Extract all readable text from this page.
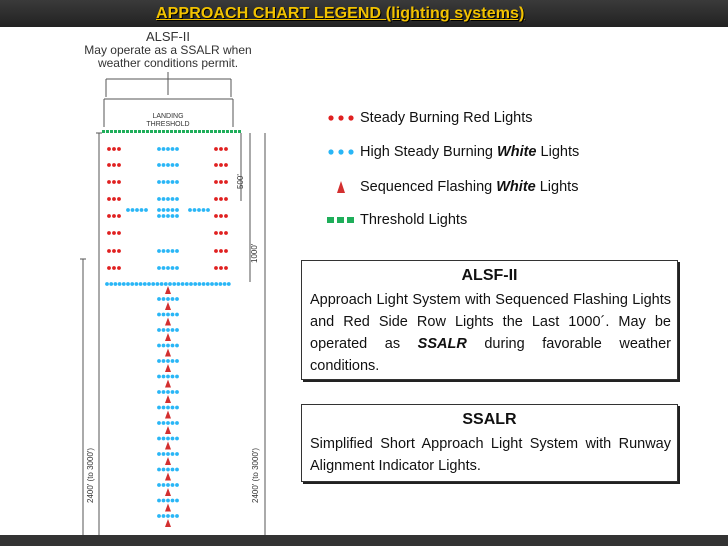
APPROACH CHART LEGEND (lighting systems)
ALSF-II
May operate as a SSALR when
weather conditions permit.
LANDING
THRESHOLD
500'
1000'
2400' (to 3000')	2400' (to 3000')
Steady Burning Red Lights
High Steady Burning White Lights
Sequenced Flashing White Lights
Threshold Lights
ALSF-II
Approach Light System with Sequenced Flashing Lights and Red Side Row Lights the Last 1000´. May be operated as SSALR during favorable weather conditions.
SSALR
Simplified Short Approach Light System with Runway Alignment Indicator Lights.
